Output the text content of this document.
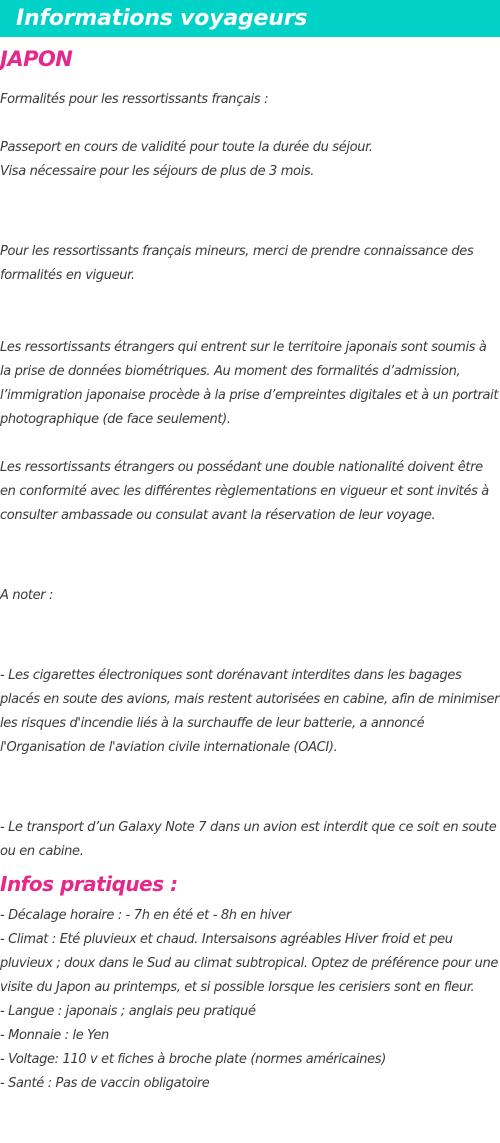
Informations voyageurs
JAPON

Formalités pour les ressortissants français :

Passeport en cours de validité pour toute la durée du séjour.
Visa nécessaire pour les séjours de plus de 3 mois.

Pour les ressortissants français mineurs, merci de prendre connaissance des formalités en vigueur.

Les ressortissants étrangers qui entrent sur le territoire japonais sont soumis à la prise de données biométriques. Au moment des formalités d’admission, l’immigration japonaise procède à la prise d’empreintes digitales et à un portrait photographique (de face seulement).

Les ressortissants étrangers ou possédant une double nationalité doivent être en conformité avec les différentes règlementations en vigueur et sont invités à consulter ambassade ou consulat avant la réservation de leur voyage.

A noter :

- Les cigarettes électroniques sont dorénavant interdites dans les bagages placés en soute des avions, mais restent autorisées en cabine, afin de minimiser les risques d'incendie liés à la surchauffe de leur batterie, a annoncé l'Organisation de l'aviation civile internationale (OACI).

- Le transport d’un Galaxy Note 7 dans un avion est interdit que ce soit en soute ou en cabine.

Infos pratiques :

- Décalage horaire : - 7h en été et - 8h en hiver

- Climat : Eté pluvieux et chaud. Intersaisons agréables Hiver froid et peu pluvieux ; doux dans le Sud au climat subtropical. Optez de préférence pour une visite du Japon au printemps, et si possible lorsque les cerisiers sont en fleur.

- Langue : japonais ; anglais peu pratiqué

- Monnaie : le Yen

- Voltage: 110 v et fiches à broche plate (normes américaines)

- Santé : Pas de vaccin obligatoire
